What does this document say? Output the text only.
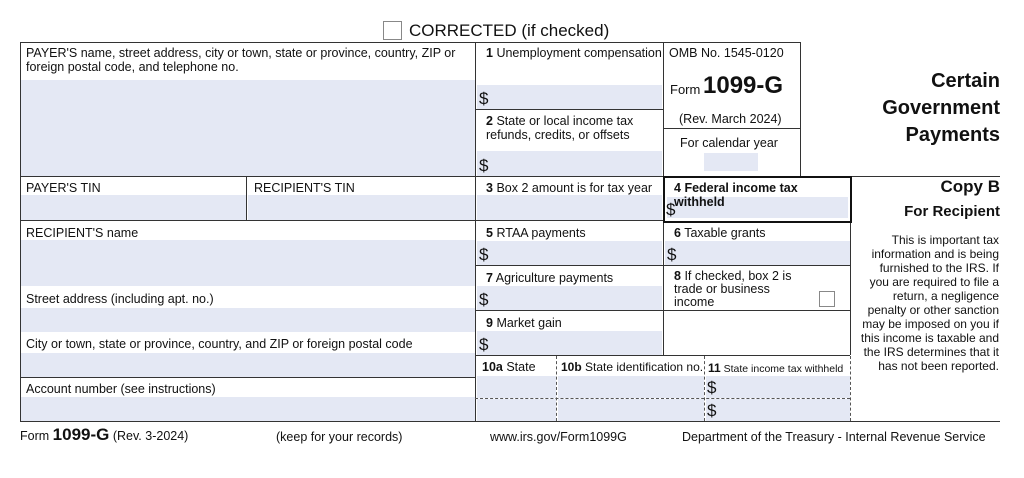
CORRECTED (if checked)
PAYER'S name, street address, city or town, state or province, country, ZIP or foreign postal code, and telephone no.
PAYER'S TIN	RECIPIENT'S TIN
RECIPIENT'S name
Street address (including apt. no.)
City or town, state or province, country, and ZIP or foreign postal code
Account number (see instructions)
1 Unemployment compensation
$
2 State or local income tax refunds, credits, or offsets
$
3 Box 2 amount is for tax year	4 Federal income tax withheld
$
5 RTAA payments
$
6 Taxable grants
$
7 Agriculture payments
$
8 If checked, box 2 is trade or business income
9 Market gain
$
10a State 10b State identification no. 11 State income tax withheld
$
$
OMB No. 1545-0120
Form 1099-G
(Rev. March 2024)
For calendar year
Certain
Government
Payments
Copy B
For Recipient
This is important tax information and is being furnished to the IRS. If you are required to file a return, a negligence penalty or other sanction may be imposed on you if this income is taxable and the IRS determines that it has not been reported.
Form 1099-G (Rev. 3-2024)	(keep for your records)	www.irs.gov/Form1099G	Department of the Treasury - Internal Revenue Service
